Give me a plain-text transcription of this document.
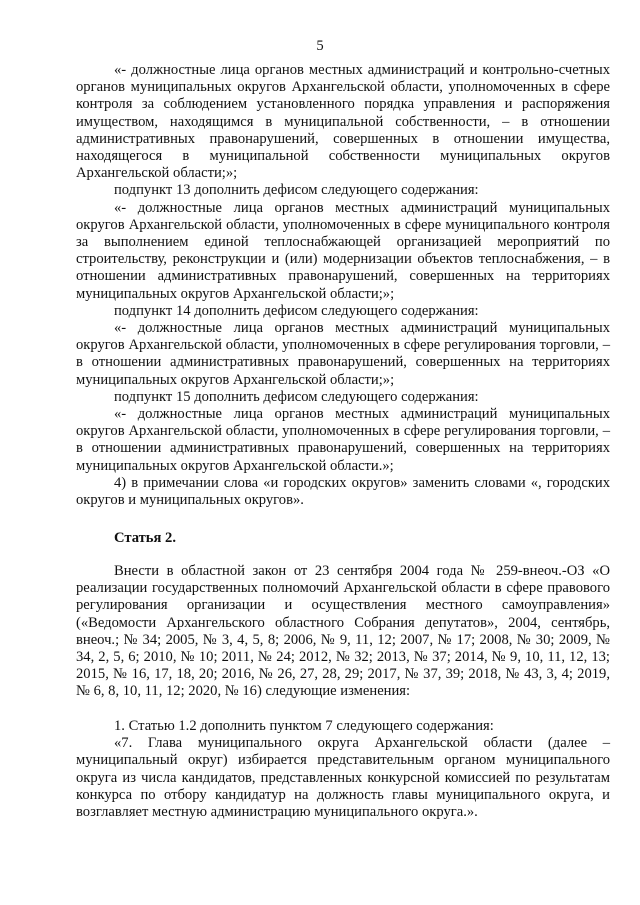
5

«- должностные лица органов местных администраций и контрольно-счетных органов муниципальных округов Архангельской области, уполномоченных в сфере контроля за соблюдением установленного порядка управления и распоряжения имуществом, находящимся в муниципальной собственности, – в отношении административных правонарушений, совершенных в отношении имущества, находящегося в муниципальной собственности муниципальных округов Архангельской области;»;

подпункт 13 дополнить дефисом следующего содержания:

«- должностные лица органов местных администраций муниципальных округов Архангельской области, уполномоченных в сфере муниципального контроля за выполнением единой теплоснабжающей организацией мероприятий по строительству, реконструкции и (или) модернизации объектов теплоснабжения, – в отношении административных правонарушений, совершенных на территориях муниципальных округов Архангельской области;»;

подпункт 14 дополнить дефисом следующего содержания:

«- должностные лица органов местных администраций муниципальных округов Архангельской области, уполномоченных в сфере регулирования торговли, – в отношении административных правонарушений, совершенных на территориях муниципальных округов Архангельской области;»;

подпункт 15 дополнить дефисом следующего содержания:

«- должностные лица органов местных администраций муниципальных округов Архангельской области, уполномоченных в сфере регулирования торговли, – в отношении административных правонарушений, совершенных на территориях муниципальных округов Архангельской области.»;

4) в примечании слова «и городских округов» заменить словами «, городских округов и муниципальных округов».

Статья 2.

Внести в областной закон от 23 сентября 2004 года № 259-внеоч.-ОЗ «О реализации государственных полномочий Архангельской области в сфере правового регулирования организации и осуществления местного самоуправления» («Ведомости Архангельского областного Собрания депутатов», 2004, сентябрь, внеоч.; № 34; 2005, № 3, 4, 5, 8; 2006, № 9, 11, 12; 2007, № 17; 2008, № 30; 2009, № 34, 2, 5, 6; 2010, № 10; 2011, № 24; 2012, № 32; 2013, № 37; 2014, № 9, 10, 11, 12, 13; 2015, № 16, 17, 18, 20; 2016, № 26, 27, 28, 29; 2017, № 37, 39; 2018, № 43, 3, 4; 2019, № 6, 8, 10, 11, 12; 2020, № 16) следующие изменения:

1. Статью 1.2 дополнить пунктом 7 следующего содержания:

«7. Глава муниципального округа Архангельской области (далее – муниципальный округ) избирается представительным органом муниципального округа из числа кандидатов, представленных конкурсной комиссией по результатам конкурса по отбору кандидатур на должность главы муниципального округа, и возглавляет местную администрацию муниципального округа.».
